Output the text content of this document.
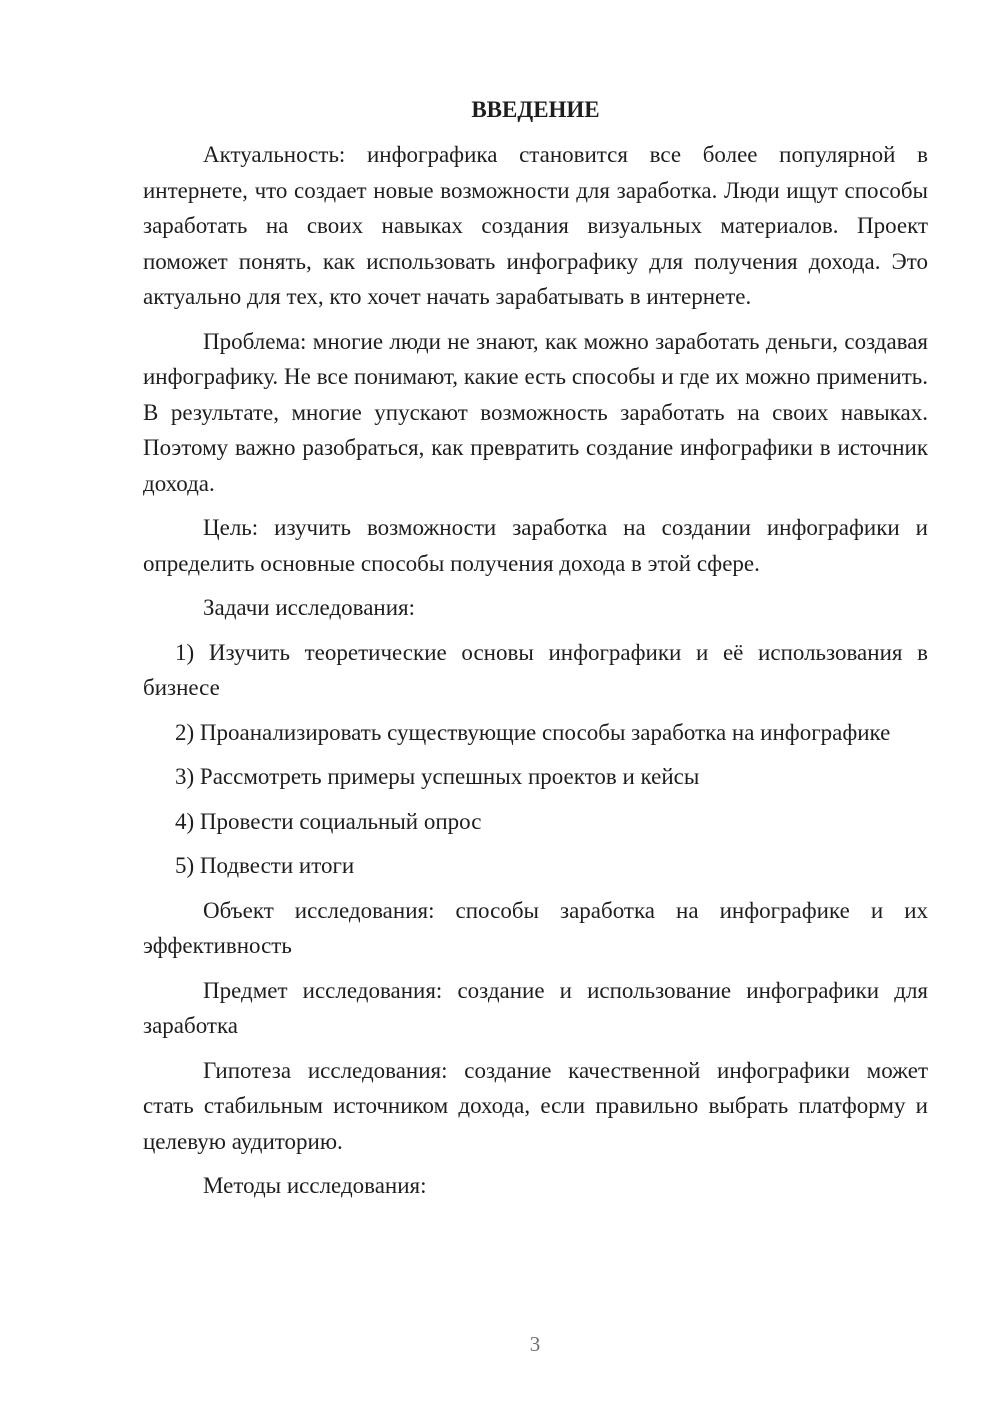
ВВЕДЕНИЕ

Актуальность: инфографика становится все более популярной в интернете, что создает новые возможности для заработка. Люди ищут способы заработать на своих навыках создания визуальных материалов. Проект поможет понять, как использовать инфографику для получения дохода. Это актуально для тех, кто хочет начать зарабатывать в интернете.

Проблема: многие люди не знают, как можно заработать деньги, создавая инфографику. Не все понимают, какие есть способы и где их можно применить. В результате, многие упускают возможность заработать на своих навыках. Поэтому важно разобраться, как превратить создание инфографики в источник дохода.

Цель: изучить возможности заработка на создании инфографики и определить основные способы получения дохода в этой сфере.

Задачи исследования:

1) Изучить теоретические основы инфографики и её использования в бизнесе

2) Проанализировать существующие способы заработка на инфографике

3) Рассмотреть примеры успешных проектов и кейсы

4) Провести социальный опрос

5) Подвести итоги

Объект исследования: способы заработка на инфографике и их эффективность

Предмет исследования: создание и использование инфографики для заработка

Гипотеза исследования: создание качественной инфографики может стать стабильным источником дохода, если правильно выбрать платформу и целевую аудиторию.

Методы исследования:

3
